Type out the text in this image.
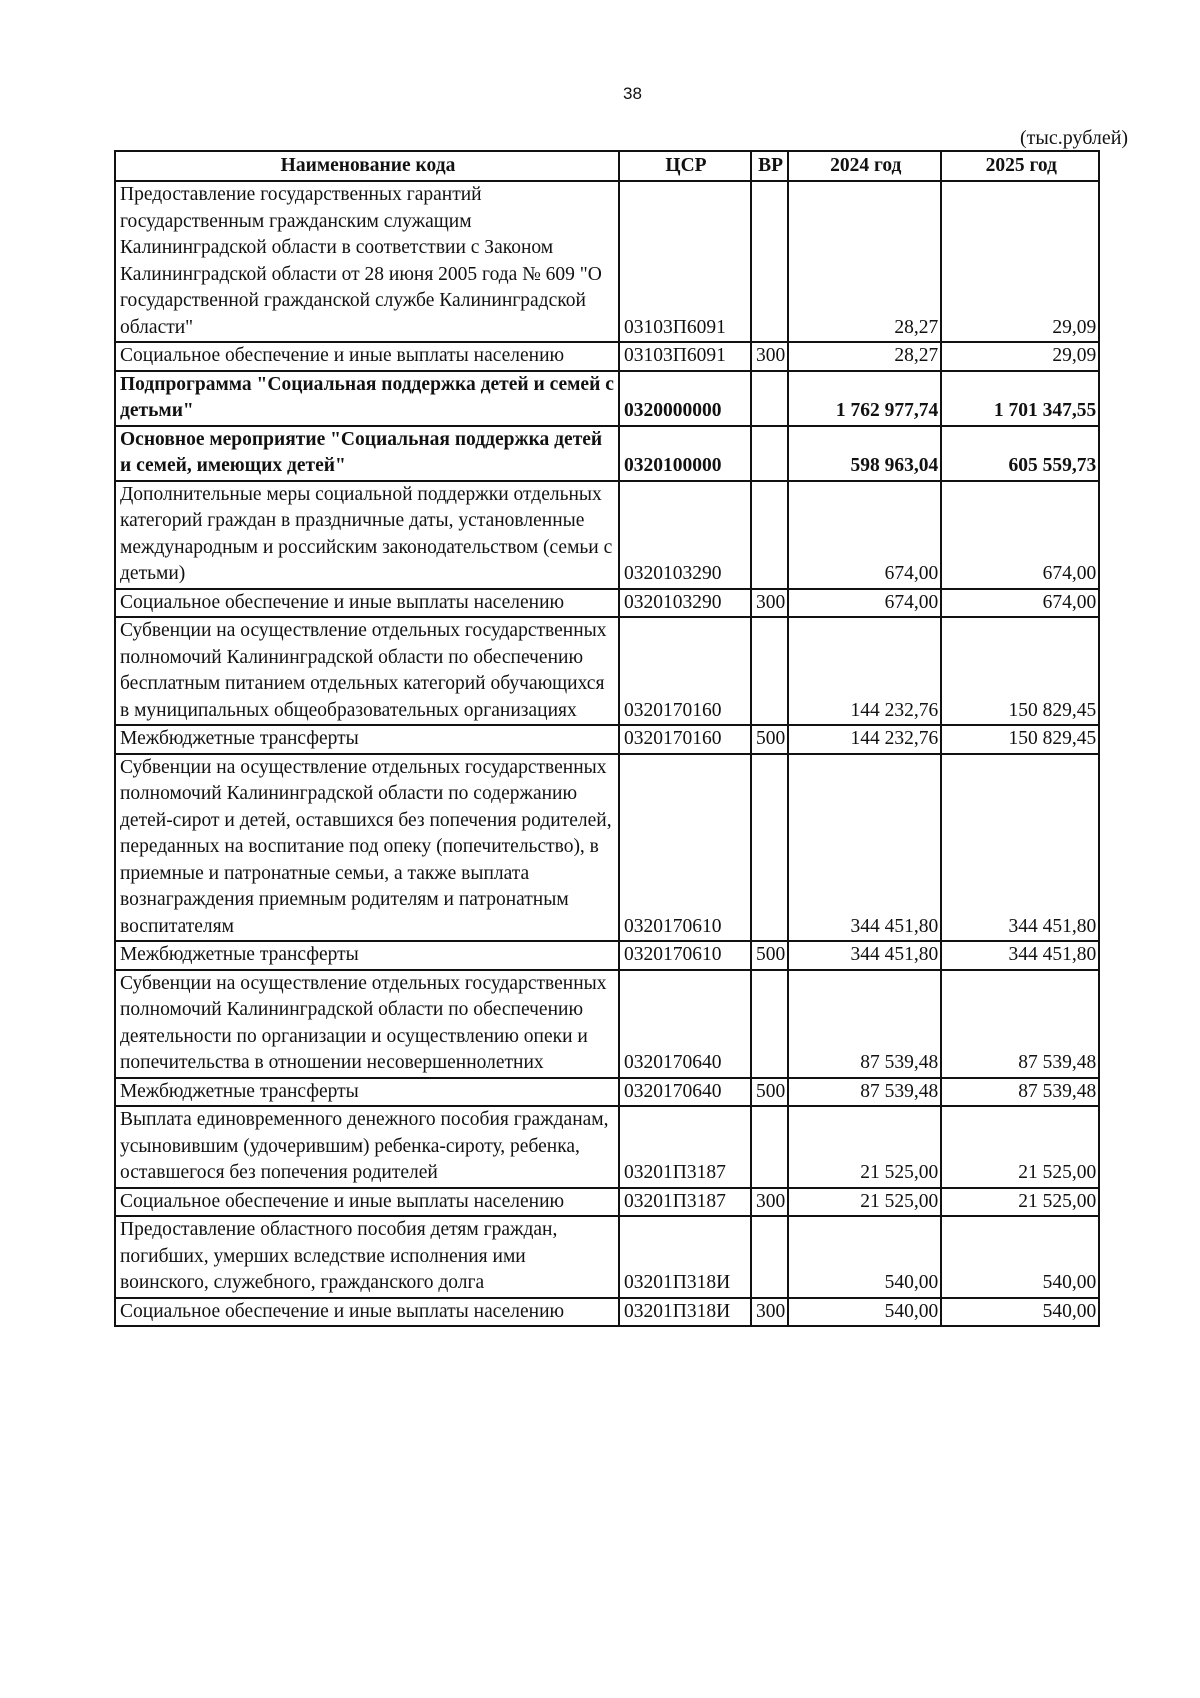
38
(тыс.рублей)
Наименование кода	ЦСР	ВР	2024 год	2025 год
Предоставление государственных гарантий государственным гражданским служащим Калининградской области в соответствии с Законом Калининградской области от 28 июня 2005 года № 609 "О государственной гражданской службе Калининградской области"	03103П6091		28,27	29,09
Социальное обеспечение и иные выплаты населению	03103П6091	300	28,27	29,09
Подпрограмма "Социальная поддержка детей и семей с детьми"	0320000000		1 762 977,74	1 701 347,55
Основное мероприятие "Социальная поддержка детей и семей, имеющих детей"	0320100000		598 963,04	605 559,73
Дополнительные меры социальной поддержки отдельных категорий граждан в праздничные даты, установленные международным и российским законодательством (семьи с детьми)	0320103290		674,00	674,00
Социальное обеспечение и иные выплаты населению	0320103290	300	674,00	674,00
Субвенции на осуществление отдельных государственных полномочий Калининградской области по обеспечению бесплатным питанием отдельных категорий обучающихся в муниципальных общеобразовательных организациях	0320170160		144 232,76	150 829,45
Межбюджетные трансферты	0320170160	500	144 232,76	150 829,45
Субвенции на осуществление отдельных государственных полномочий Калининградской области по содержанию детей-сирот и детей, оставшихся без попечения родителей, переданных на воспитание под опеку (попечительство), в приемные и патронатные семьи, а также выплата вознаграждения приемным родителям и патронатным воспитателям	0320170610		344 451,80	344 451,80
Межбюджетные трансферты	0320170610	500	344 451,80	344 451,80
Субвенции на осуществление отдельных государственных полномочий Калининградской области по обеспечению деятельности по организации и осуществлению опеки и попечительства в отношении несовершеннолетних	0320170640		87 539,48	87 539,48
Межбюджетные трансферты	0320170640	500	87 539,48	87 539,48
Выплата единовременного денежного пособия гражданам, усыновившим (удочерившим) ребенка-сироту, ребенка, оставшегося без попечения родителей	03201П3187		21 525,00	21 525,00
Социальное обеспечение и иные выплаты населению	03201П3187	300	21 525,00	21 525,00
Предоставление областного пособия детям граждан, погибших, умерших вследствие исполнения ими воинского, служебного, гражданского долга	03201П318И		540,00	540,00
Социальное обеспечение и иные выплаты населению	03201П318И	300	540,00	540,00
